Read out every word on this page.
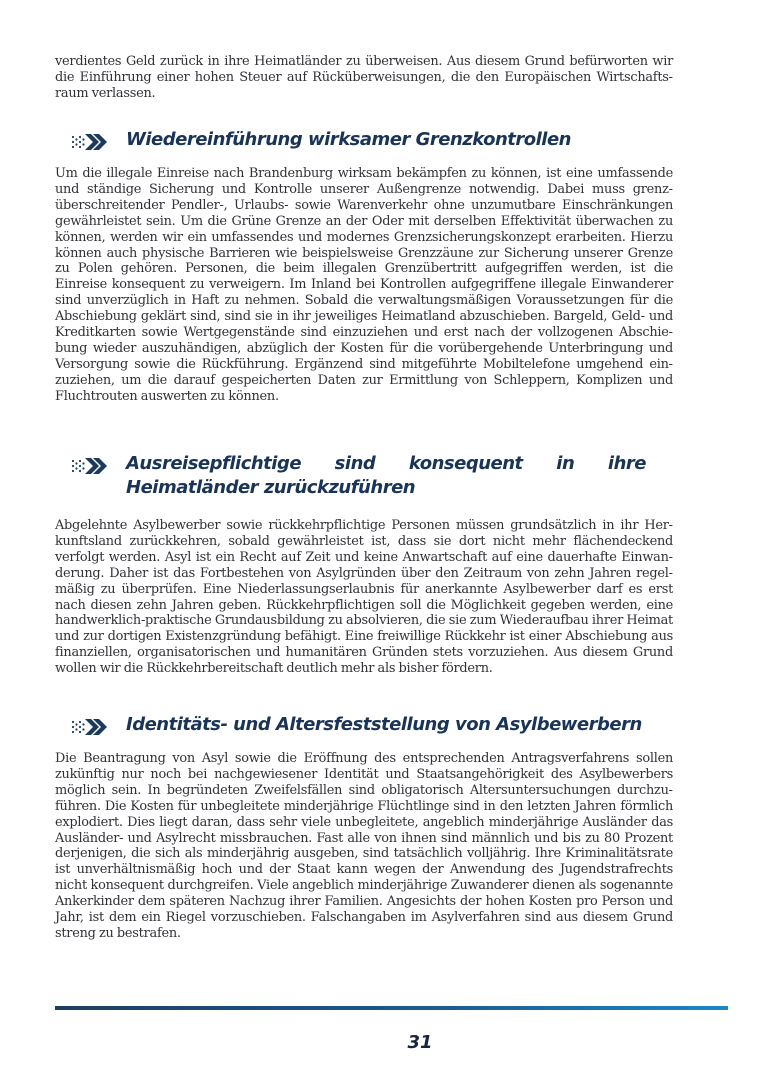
verdientes Geld zurück in ihre Heimatländer zu überweisen. Aus diesem Grund befürworten wir die Einführung einer hohen Steuer auf Rücküberweisungen, die den Europäischen Wirtschaftsraum verlassen.

Wiedereinführung wirksamer Grenzkontrollen

Um die illegale Einreise nach Brandenburg wirksam bekämpfen zu können, ist eine umfassende und ständige Sicherung und Kontrolle unserer Außengrenze notwendig. Dabei muss grenzüberschreitender Pendler-, Urlaubs- sowie Warenverkehr ohne unzumutbare Einschränkungen gewährleistet sein. Um die Grüne Grenze an der Oder mit derselben Effektivität überwachen zu können, werden wir ein umfassendes und modernes Grenzsicherungskonzept erarbeiten. Hierzu können auch physische Barrieren wie beispielsweise Grenzzäune zur Sicherung unserer Grenze zu Polen gehören. Personen, die beim illegalen Grenzübertritt aufgegriffen werden, ist die Einreise konsequent zu verweigern. Im Inland bei Kontrollen aufgegriffene illegale Einwanderer sind unverzüglich in Haft zu nehmen. Sobald die verwaltungsmäßigen Voraussetzungen für die Abschiebung geklärt sind, sind sie in ihr jeweiliges Heimatland abzuschieben. Bargeld, Geld- und Kreditkarten sowie Wertgegenstände sind einzuziehen und erst nach der vollzogenen Abschiebung wieder auszuhändigen, abzüglich der Kosten für die vorübergehende Unterbringung und Versorgung sowie die Rückführung. Ergänzend sind mitgeführte Mobiltelefone umgehend einzuziehen, um die darauf gespeicherten Daten zur Ermittlung von Schleppern, Komplizen und Fluchtrouten auswerten zu können.

Ausreisepflichtige sind konsequent in ihre Heimatländer zurückzuführen

Abgelehnte Asylbewerber sowie rückkehrpflichtige Personen müssen grundsätzlich in ihr Herkunftsland zurückkehren, sobald gewährleistet ist, dass sie dort nicht mehr flächendeckend verfolgt werden. Asyl ist ein Recht auf Zeit und keine Anwartschaft auf eine dauerhafte Einwanderung. Daher ist das Fortbestehen von Asylgründen über den Zeitraum von zehn Jahren regelmäßig zu überprüfen. Eine Niederlassungserlaubnis für anerkannte Asylbewerber darf es erst nach diesen zehn Jahren geben. Rückkehrpflichtigen soll die Möglichkeit gegeben werden, eine handwerklich-praktische Grundausbildung zu absolvieren, die sie zum Wiederaufbau ihrer Heimat und zur dortigen Existenzgründung befähigt. Eine freiwillige Rückkehr ist einer Abschiebung aus finanziellen, organisatorischen und humanitären Gründen stets vorzuziehen. Aus diesem Grund wollen wir die Rückkehrbereitschaft deutlich mehr als bisher fördern.

Identitäts- und Altersfeststellung von Asylbewerbern

Die Beantragung von Asyl sowie die Eröffnung des entsprechenden Antragsverfahrens sollen zukünftig nur noch bei nachgewiesener Identität und Staatsangehörigkeit des Asylbewerbers möglich sein. In begründeten Zweifelsfällen sind obligatorisch Altersuntersuchungen durchzuführen. Die Kosten für unbegleitete minderjährige Flüchtlinge sind in den letzten Jahren förmlich explodiert. Dies liegt daran, dass sehr viele unbegleitete, angeblich minderjährige Ausländer das Ausländer- und Asylrecht missbrauchen. Fast alle von ihnen sind männlich und bis zu 80 Prozent derjenigen, die sich als minderjährig ausgeben, sind tatsächlich volljährig. Ihre Kriminalitätsrate ist unverhältnismäßig hoch und der Staat kann wegen der Anwendung des Jugendstrafrechts nicht konsequent durchgreifen. Viele angeblich minderjährige Zuwanderer dienen als sogenannte Ankerkinder dem späteren Nachzug ihrer Familien. Angesichts der hohen Kosten pro Person und Jahr, ist dem ein Riegel vorzuschieben. Falschangaben im Asylverfahren sind aus diesem Grund streng zu bestrafen.

31
